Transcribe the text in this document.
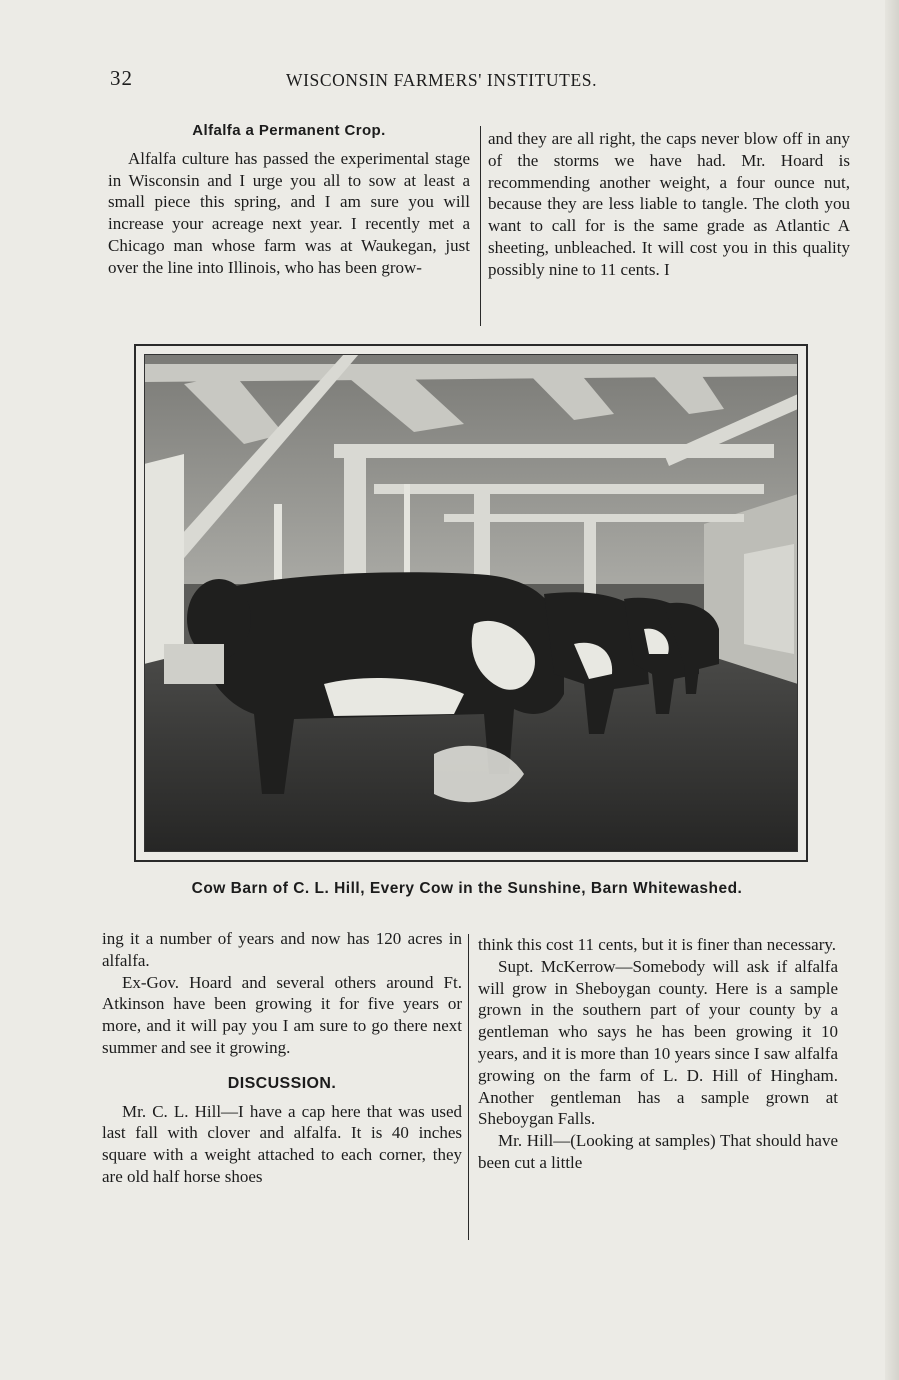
32	WISCONSIN FARMERS' INSTITUTES.
Alfalfa a Permanent Crop.

Alfalfa culture has passed the experimental stage in Wisconsin and I urge you all to sow at least a small piece this spring, and I am sure you will increase your acreage next year. I recently met a Chicago man whose farm was at Waukegan, just over the line into Illinois, who has been grow-

and they are all right, the caps never blow off in any of the storms we have had. Mr. Hoard is recommending another weight, a four ounce nut, because they are less liable to tangle. The cloth you want to call for is the same grade as Atlantic A sheeting, unbleached. It will cost you in this quality possibly nine to 11 cents. I

Cow Barn of C. L. Hill, Every Cow in the Sunshine, Barn Whitewashed.

ing it a number of years and now has 120 acres in alfalfa.

Ex-Gov. Hoard and several others around Ft. Atkinson have been growing it for five years or more, and it will pay you I am sure to go there next summer and see it growing.

DISCUSSION.

Mr. C. L. Hill—I have a cap here that was used last fall with clover and alfalfa. It is 40 inches square with a weight attached to each corner, they are old half horse shoes

think this cost 11 cents, but it is finer than necessary.

Supt. McKerrow—Somebody will ask if alfalfa will grow in Sheboygan county. Here is a sample grown in the southern part of your county by a gentleman who says he has been growing it 10 years, and it is more than 10 years since I saw alfalfa growing on the farm of L. D. Hill of Hingham. Another gentleman has a sample grown at Sheboygan Falls.

Mr. Hill—(Looking at samples) That should have been cut a little
